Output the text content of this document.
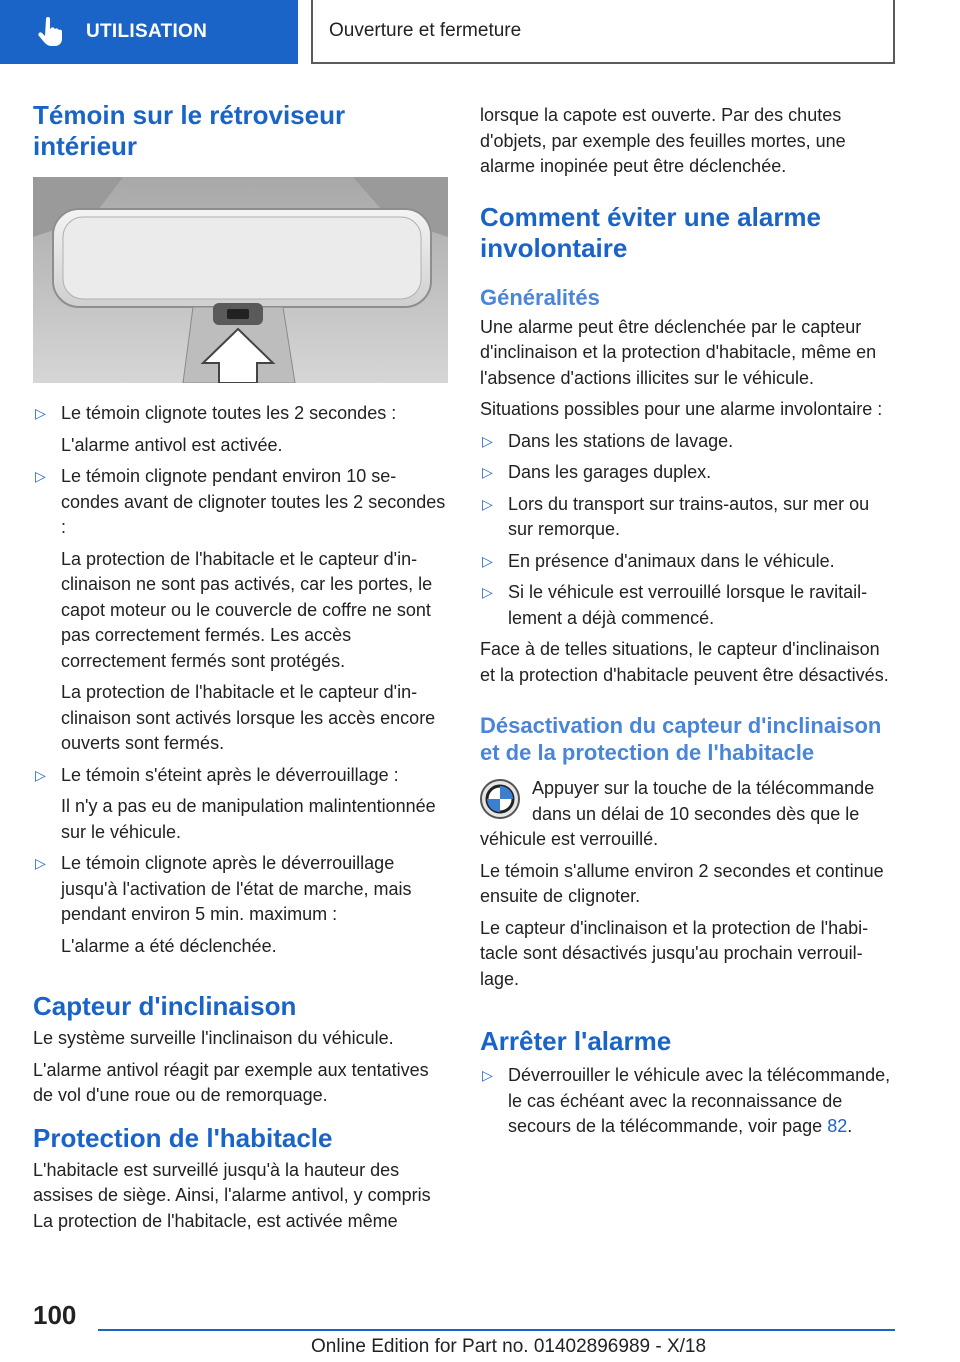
UTILISATION	Ouverture et fermeture
Témoin sur le rétroviseur intérieur
▷ Le témoin clignote toutes les 2 secondes :
L'alarme antivol est activée.
▷ Le témoin clignote pendant environ 10 secondes avant de clignoter toutes les 2 secondes :
La protection de l'habitacle et le capteur d'inclinaison ne sont pas activés, car les portes, le capot moteur ou le couvercle de coffre ne sont pas correctement fermés. Les accès correctement fermés sont protégés.
La protection de l'habitacle et le capteur d'inclinaison sont activés lorsque les accès encore ouverts sont fermés.
▷ Le témoin s'éteint après le déverrouillage :
Il n'y a pas eu de manipulation malintentionnée sur le véhicule.
▷ Le témoin clignote après le déverrouillage jusqu'à l'activation de l'état de marche, mais pendant environ 5 min. maximum :
L'alarme a été déclenchée.
Capteur d'inclinaison

Le système surveille l'inclinaison du véhicule.

L'alarme antivol réagit par exemple aux tentatives de vol d'une roue ou de remorquage.

Protection de l'habitacle

L'habitacle est surveillé jusqu'à la hauteur des assises de siège. Ainsi, l'alarme antivol, y compris La protection de l'habitacle, est activée même

lorsque la capote est ouverte. Par des chutes d'objets, par exemple des feuilles mortes, une alarme inopinée peut être déclenchée.

Comment éviter une alarme involontaire
Généralités

Une alarme peut être déclenchée par le capteur d'inclinaison et la protection d'habitacle, même en l'absence d'actions illicites sur le véhicule.

Situations possibles pour une alarme involontaire :

▷ Dans les stations de lavage.
▷ Dans les garages duplex.
▷ Lors du transport sur trains-autos, sur mer ou sur remorque.
▷ En présence d'animaux dans le véhicule.
▷ Si le véhicule est verrouillé lorsque le ravitaillement a déjà commencé.

Face à de telles situations, le capteur d'inclinaison et la protection d'habitacle peuvent être désactivés.

Désactivation du capteur d'inclinaison et de la protection de l'habitacle

Appuyer sur la touche de la télécommande dans un délai de 10 secondes dès que le véhicule est verrouillé.

Le témoin s'allume environ 2 secondes et continue ensuite de clignoter.

Le capteur d'inclinaison et la protection de l'habitacle sont désactivés jusqu'au prochain verrouillage.

Arrêter l'alarme
▷ Déverrouiller le véhicule avec la télécommande, le cas échéant avec la reconnaissance de secours de la télécommande, voir page 82.
100
Online Edition for Part no. 01402896989 - X/18
